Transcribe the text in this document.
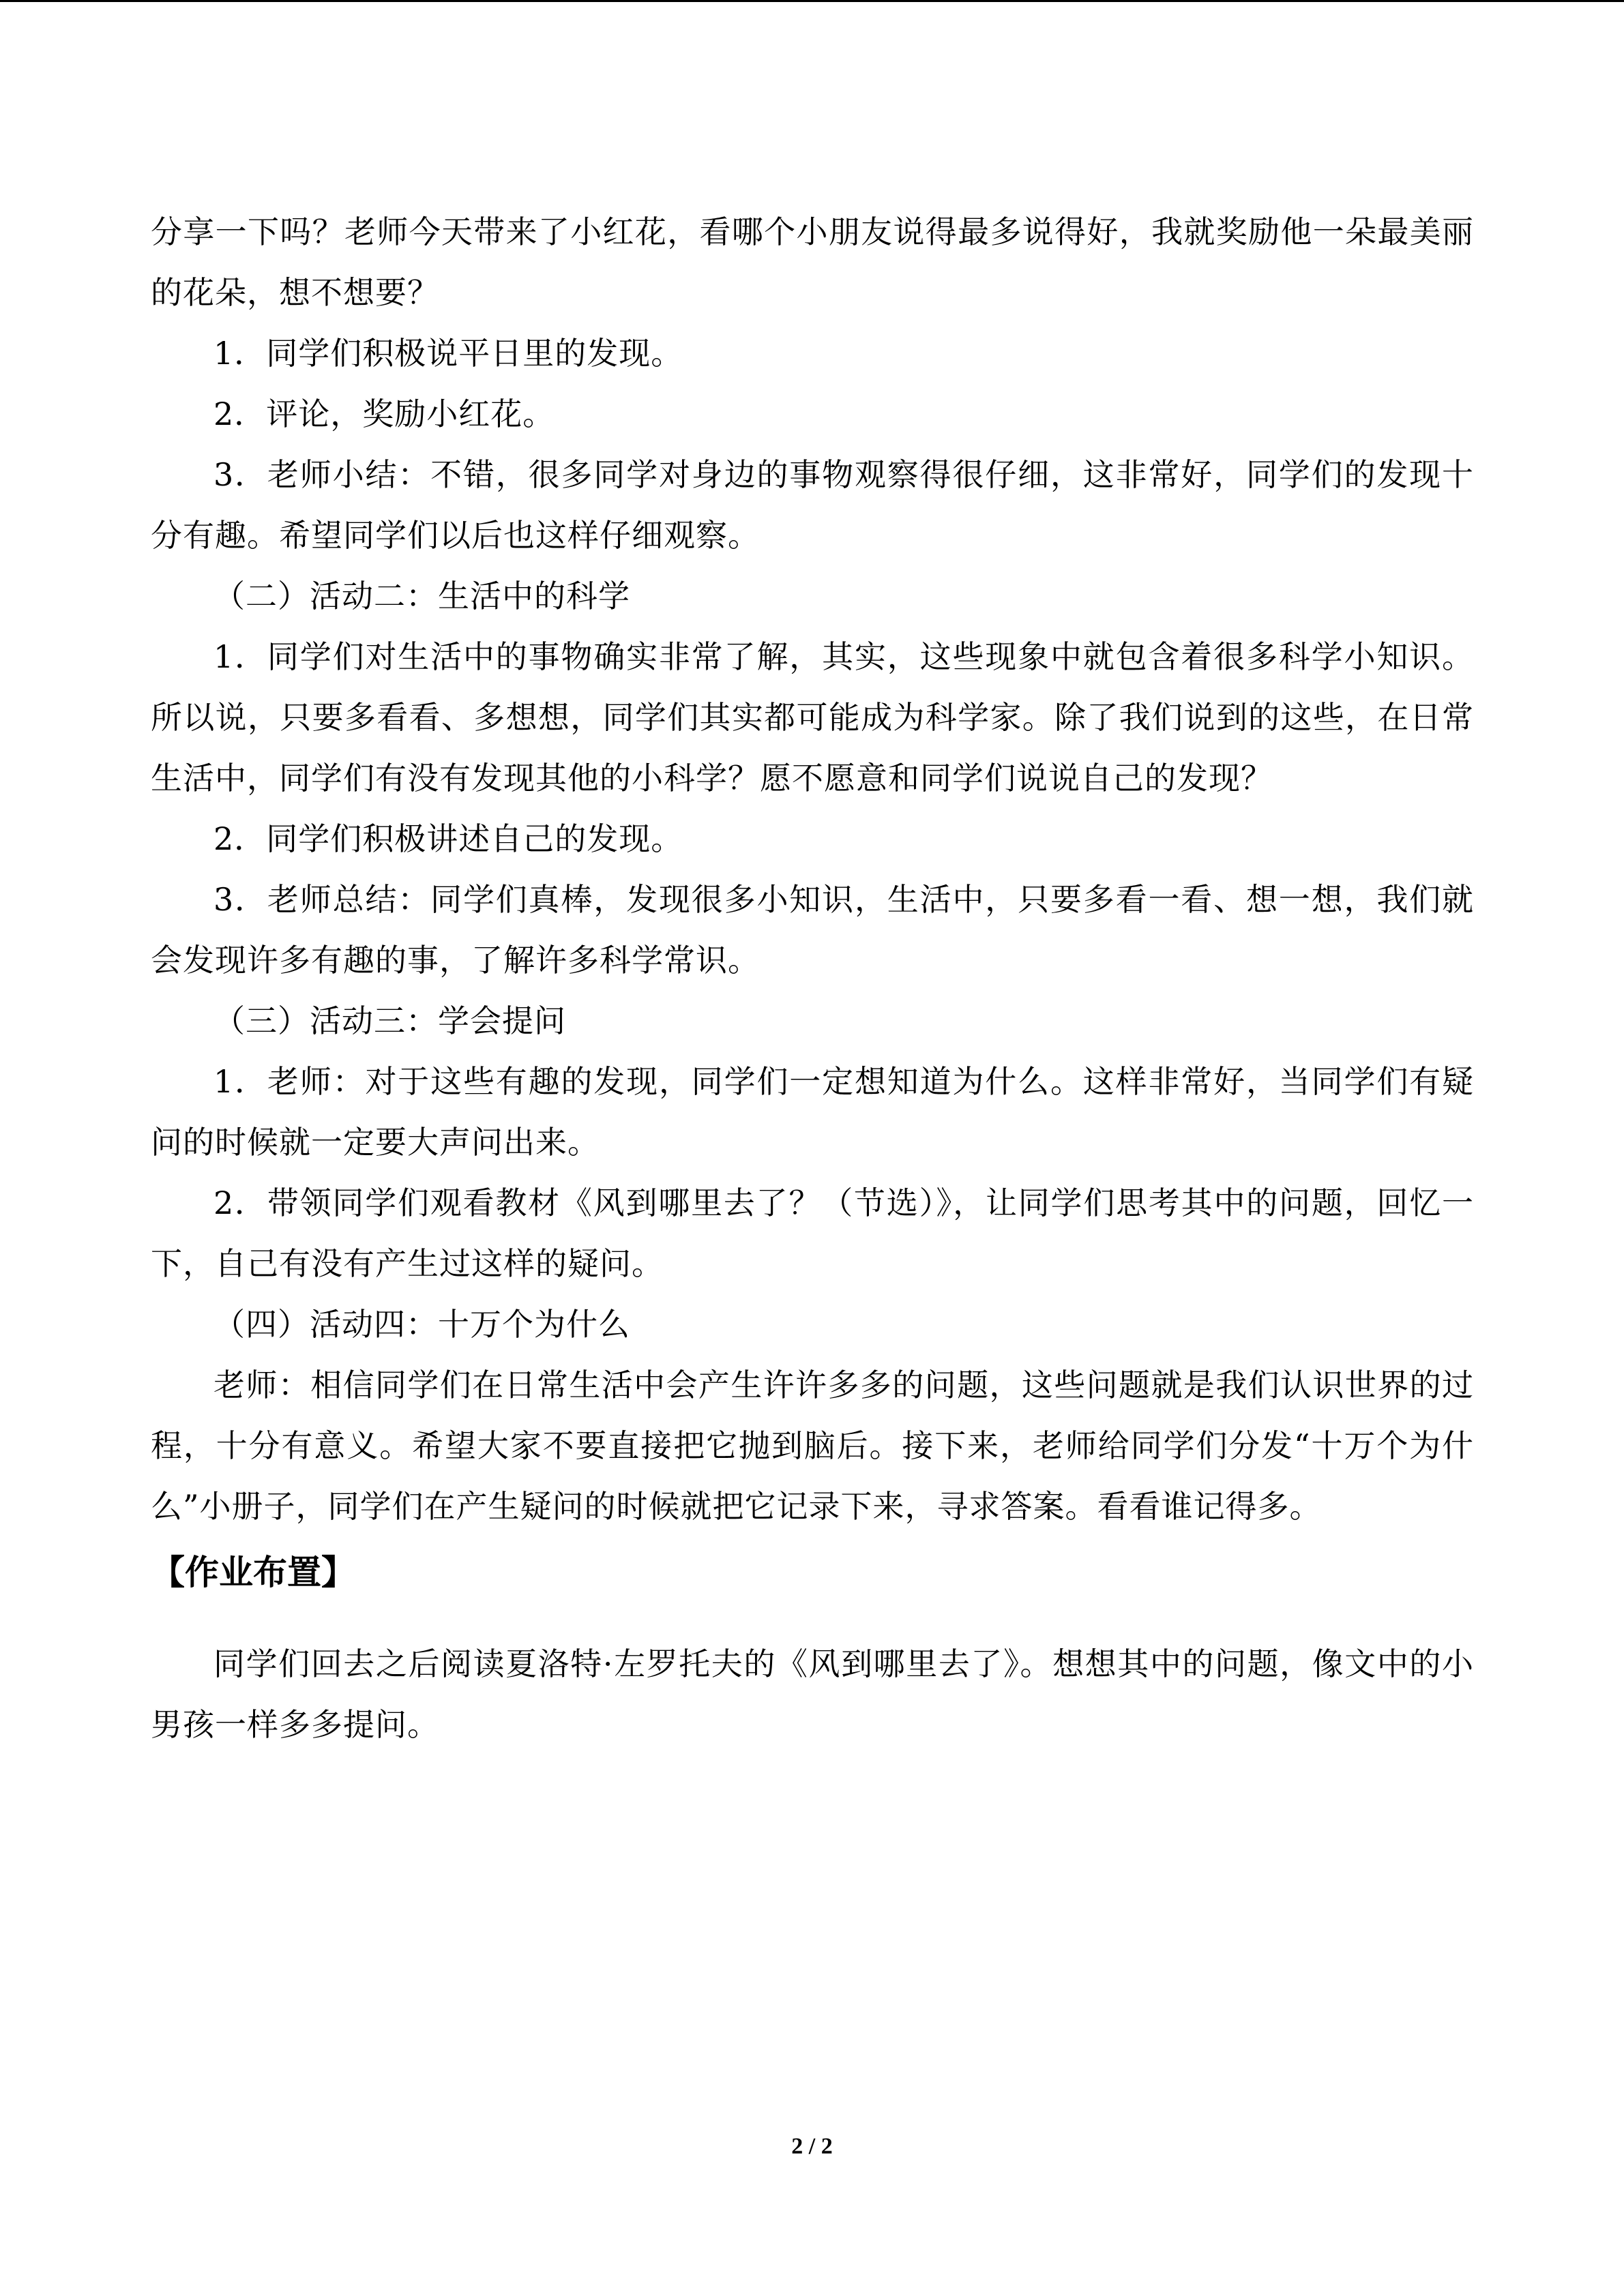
分享一下吗？老师今天带来了小红花，看哪个小朋友说得最多说得好，我就奖励他一朵最美丽的花朵，想不想要？

1．同学们积极说平日里的发现。

2．评论，奖励小红花。

3．老师小结：不错，很多同学对身边的事物观察得很仔细，这非常好，同学们的发现十分有趣。希望同学们以后也这样仔细观察。

（二）活动二：生活中的科学

1．同学们对生活中的事物确实非常了解，其实，这些现象中就包含着很多科学小知识。所以说，只要多看看、多想想，同学们其实都可能成为科学家。除了我们说到的这些，在日常生活中，同学们有没有发现其他的小科学？愿不愿意和同学们说说自己的发现？

2．同学们积极讲述自己的发现。

3．老师总结：同学们真棒，发现很多小知识，生活中，只要多看一看、想一想，我们就会发现许多有趣的事，了解许多科学常识。

（三）活动三：学会提问

1．老师：对于这些有趣的发现，同学们一定想知道为什么。这样非常好，当同学们有疑问的时候就一定要大声问出来。

2．带领同学们观看教材《风到哪里去了？（节选）》，让同学们思考其中的问题，回忆一下，自己有没有产生过这样的疑问。

（四）活动四：十万个为什么

老师：相信同学们在日常生活中会产生许许多多的问题，这些问题就是我们认识世界的过程，十分有意义。希望大家不要直接把它抛到脑后。接下来，老师给同学们分发“十万个为什么”小册子，同学们在产生疑问的时候就把它记录下来，寻求答案。看看谁记得多。

【作业布置】

同学们回去之后阅读夏洛特·左罗托夫的《风到哪里去了》。想想其中的问题，像文中的小男孩一样多多提问。

2 / 2
